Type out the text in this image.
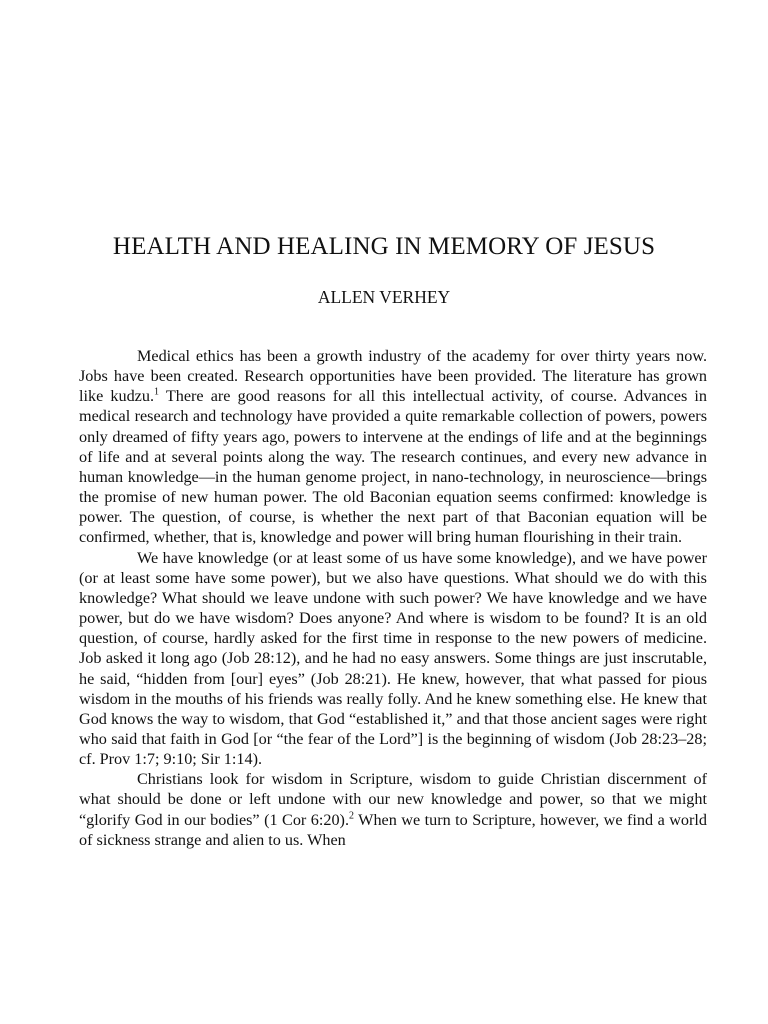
HEALTH AND HEALING IN MEMORY OF JESUS
ALLEN VERHEY

Medical ethics has been a growth industry of the academy for over thirty years now. Jobs have been created. Research opportunities have been provided. The literature has grown like kudzu.$^1$ There are good reasons for all this intellectual activity, of course. Advances in medical research and technology have provided a quite remarkable collection of powers, powers only dreamed of fifty years ago, powers to intervene at the endings of life and at the beginnings of life and at several points along the way. The research continues, and every new advance in human knowledge—in the human genome project, in nano-technology, in neuroscience—brings the promise of new human power. The old Baconian equation seems confirmed: knowledge is power. The question, of course, is whether the next part of that Baconian equation will be confirmed, whether, that is, knowledge and power will bring human flourishing in their train.

We have knowledge (or at least some of us have some knowledge), and we have power (or at least some have some power), but we also have questions. What should we do with this knowledge? What should we leave undone with such power? We have knowledge and we have power, but do we have wisdom? Does anyone? And where is wisdom to be found? It is an old question, of course, hardly asked for the first time in response to the new powers of medicine. Job asked it long ago (Job 28:12), and he had no easy answers. Some things are just inscrutable, he said, “hidden from [our] eyes” (Job 28:21). He knew, however, that what passed for pious wisdom in the mouths of his friends was really folly. And he knew something else. He knew that God knows the way to wisdom, that God “established it,” and that those ancient sages were right who said that faith in God [or “the fear of the Lord”] is the beginning of wisdom (Job 28:23–28; cf. Prov 1:7; 9:10; Sir 1:14).

Christians look for wisdom in Scripture, wisdom to guide Christian discernment of what should be done or left undone with our new knowledge and power, so that we might “glorify God in our bodies” (1 Cor 6:20).$^2$ When we turn to Scripture, however, we find a world of sickness strange and alien to us. When
